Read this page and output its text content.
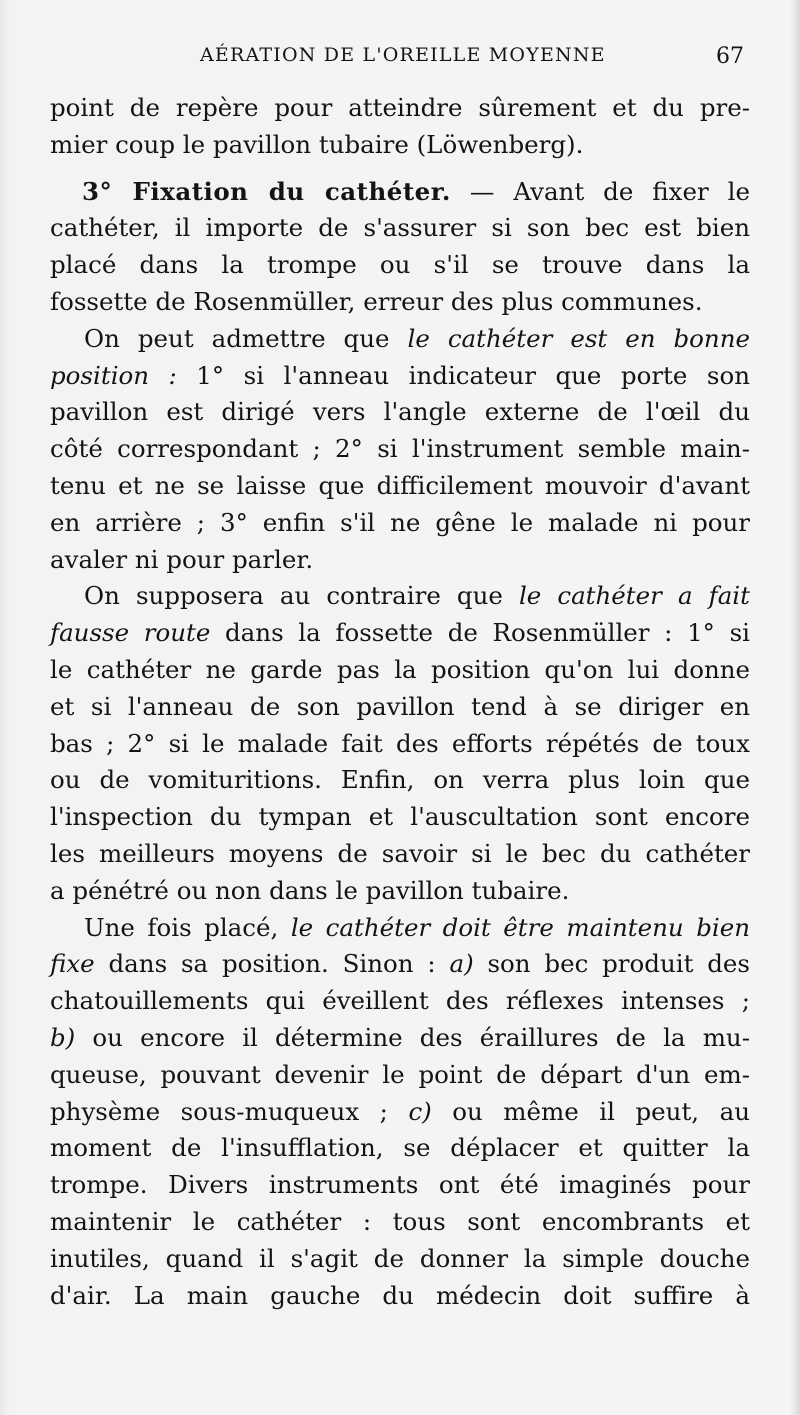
AÉRATION DE L'OREILLE MOYENNE	67
point de repère pour atteindre sûrement et du pre-
mier coup le pavillon tubaire (Löwenberg).
3° Fixation du cathéter. — Avant de fixer le
cathéter, il importe de s'assurer si son bec est bien
placé dans la trompe ou s'il se trouve dans la
fossette de Rosenmüller, erreur des plus communes.
On peut admettre que le cathéter est en bonne
position : 1° si l'anneau indicateur que porte son
pavillon est dirigé vers l'angle externe de l'œil du
côté correspondant ; 2° si l'instrument semble main-
tenu et ne se laisse que difficilement mouvoir d'avant
en arrière ; 3° enfin s'il ne gêne le malade ni pour
avaler ni pour parler.
On supposera au contraire que le cathéter a fait
fausse route dans la fossette de Rosenmüller : 1° si
le cathéter ne garde pas la position qu'on lui donne
et si l'anneau de son pavillon tend à se diriger en
bas ; 2° si le malade fait des efforts répétés de toux
ou de vomituritions. Enfin, on verra plus loin que
l'inspection du tympan et l'auscultation sont encore
les meilleurs moyens de savoir si le bec du cathéter
a pénétré ou non dans le pavillon tubaire.
Une fois placé, le cathéter doit être maintenu bien
fixe dans sa position. Sinon : a) son bec produit des
chatouillements qui éveillent des réflexes intenses ;
b) ou encore il détermine des éraillures de la mu-
queuse, pouvant devenir le point de départ d'un em-
physème sous-muqueux ; c) ou même il peut, au
moment de l'insufflation, se déplacer et quitter la
trompe. Divers instruments ont été imaginés pour
maintenir le cathéter : tous sont encombrants et
inutiles, quand il s'agit de donner la simple douche
d'air. La main gauche du médecin doit suffire à
